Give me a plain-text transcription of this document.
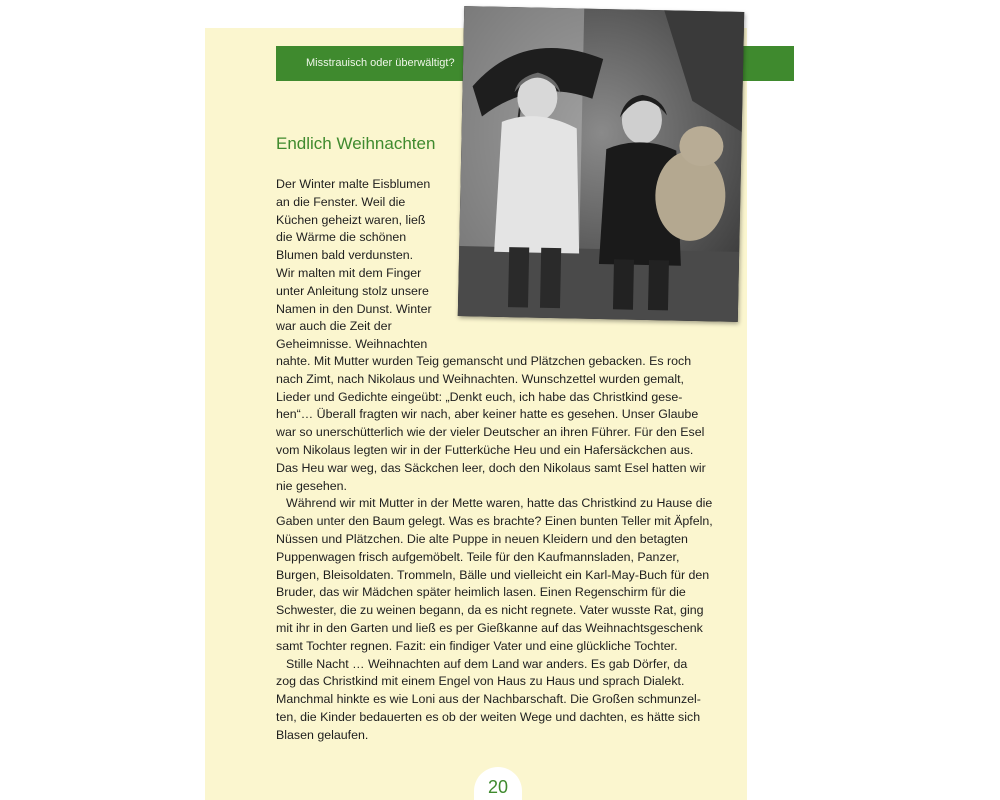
Misstrauisch oder überwältigt?
Endlich Weihnachten
Der Winter malte Eisblumen
an die Fenster. Weil die
Küchen geheizt waren, ließ
die Wärme die schönen
Blumen bald verdunsten.
Wir malten mit dem Finger
unter Anleitung stolz unsere
Namen in den Dunst. Winter
war auch die Zeit der
Geheimnisse. Weihnachten
nahte. Mit Mutter wurden Teig gemanscht und Plätzchen gebacken. Es roch
nach Zimt, nach Nikolaus und Weihnachten. Wunschzettel wurden gemalt,
Lieder und Gedichte eingeübt: „Denkt euch, ich habe das Christkind gese-
hen“… Überall fragten wir nach, aber keiner hatte es gesehen. Unser Glaube
war so unerschütterlich wie der vieler Deutscher an ihren Führer. Für den Esel
vom Nikolaus legten wir in der Futterküche Heu und ein Hafersäckchen aus.
Das Heu war weg, das Säckchen leer, doch den Nikolaus samt Esel hatten wir
nie gesehen.
Während wir mit Mutter in der Mette waren, hatte das Christkind zu Hause die
Gaben unter den Baum gelegt. Was es brachte? Einen bunten Teller mit Äpfeln,
Nüssen und Plätzchen. Die alte Puppe in neuen Kleidern und den betagten
Puppenwagen frisch aufgemöbelt. Teile für den Kaufmannsladen, Panzer,
Burgen, Bleisoldaten. Trommeln, Bälle und vielleicht ein Karl-May-Buch für den
Bruder, das wir Mädchen später heimlich lasen. Einen Regenschirm für die
Schwester, die zu weinen begann, da es nicht regnete. Vater wusste Rat, ging
mit ihr in den Garten und ließ es per Gießkanne auf das Weihnachtsgeschenk
samt Tochter regnen. Fazit: ein findiger Vater und eine glückliche Tochter.
Stille Nacht … Weihnachten auf dem Land war anders. Es gab Dörfer, da
zog das Christkind mit einem Engel von Haus zu Haus und sprach Dialekt.
Manchmal hinkte es wie Loni aus der Nachbarschaft. Die Großen schmunzel-
ten, die Kinder bedauerten es ob der weiten Wege und dachten, es hätte sich
Blasen gelaufen.
20
